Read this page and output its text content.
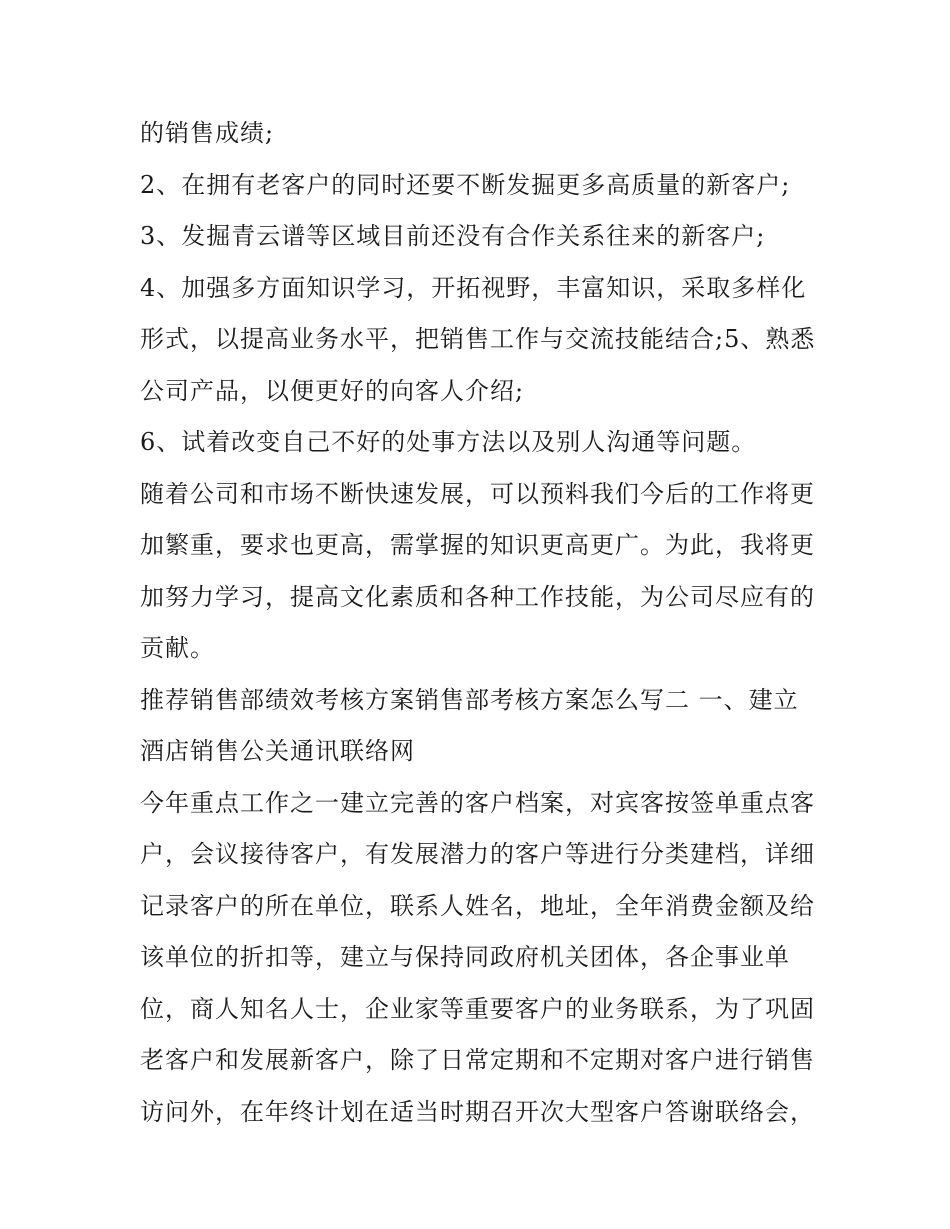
的销售成绩;
2、在拥有老客户的同时还要不断发掘更多高质量的新客户;
3、发掘青云谱等区域目前还没有合作关系往来的新客户;
4、加强多方面知识学习，开拓视野，丰富知识，采取多样化
形式，以提高业务水平，把销售工作与交流技能结合;5、熟悉
公司产品，以便更好的向客人介绍;
6、试着改变自己不好的处事方法以及别人沟通等问题。
随着公司和市场不断快速发展，可以预料我们今后的工作将更
加繁重，要求也更高，需掌握的知识更高更广。为此，我将更
加努力学习，提高文化素质和各种工作技能，为公司尽应有的
贡献。
推荐销售部绩效考核方案销售部考核方案怎么写二 一、建立
酒店销售公关通讯联络网
今年重点工作之一建立完善的客户档案，对宾客按签单重点客
户，会议接待客户，有发展潜力的客户等进行分类建档，详细
记录客户的所在单位，联系人姓名，地址，全年消费金额及给
该单位的折扣等，建立与保持同政府机关团体，各企事业单
位，商人知名人士，企业家等重要客户的业务联系，为了巩固
老客户和发展新客户，除了日常定期和不定期对客户进行销售
访问外，在年终计划在适当时期召开次大型客户答谢联络会，
